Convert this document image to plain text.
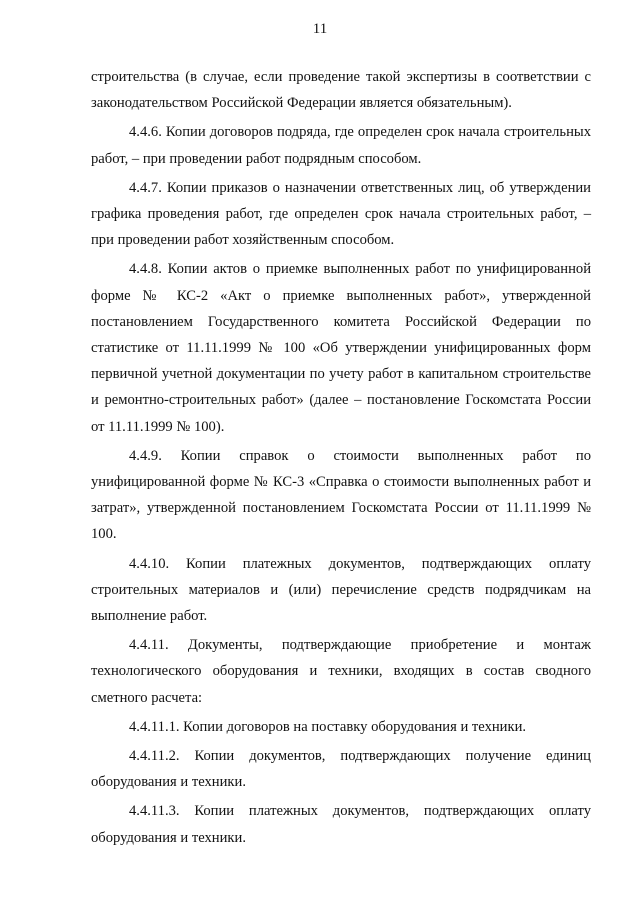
11

строительства (в случае, если проведение такой экспертизы в соответствии с законодательством Российской Федерации является обязательным).

4.4.6. Копии договоров подряда, где определен срок начала строительных работ, – при проведении работ подрядным способом.

4.4.7. Копии приказов о назначении ответственных лиц, об утверждении графика проведения работ, где определен срок начала строительных работ, – при проведении работ хозяйственным способом.

4.4.8. Копии актов о приемке выполненных работ по унифицированной форме № КС-2 «Акт о приемке выполненных работ», утвержденной постановлением Государственного комитета Российской Федерации по статистике от 11.11.1999 № 100 «Об утверждении унифицированных форм первичной учетной документации по учету работ в капитальном строительстве и ремонтно-строительных работ» (далее – постановление Госкомстата России от 11.11.1999 № 100).

4.4.9. Копии справок о стоимости выполненных работ по унифицированной форме № КС-3 «Справка о стоимости выполненных работ и затрат», утвержденной постановлением Госкомстата России от 11.11.1999 № 100.

4.4.10. Копии платежных документов, подтверждающих оплату строительных материалов и (или) перечисление средств подрядчикам на выполнение работ.

4.4.11. Документы, подтверждающие приобретение и монтаж технологического оборудования и техники, входящих в состав сводного сметного расчета:

4.4.11.1. Копии договоров на поставку оборудования и техники.

4.4.11.2. Копии документов, подтверждающих получение единиц оборудования и техники.

4.4.11.3. Копии платежных документов, подтверждающих оплату оборудования и техники.
